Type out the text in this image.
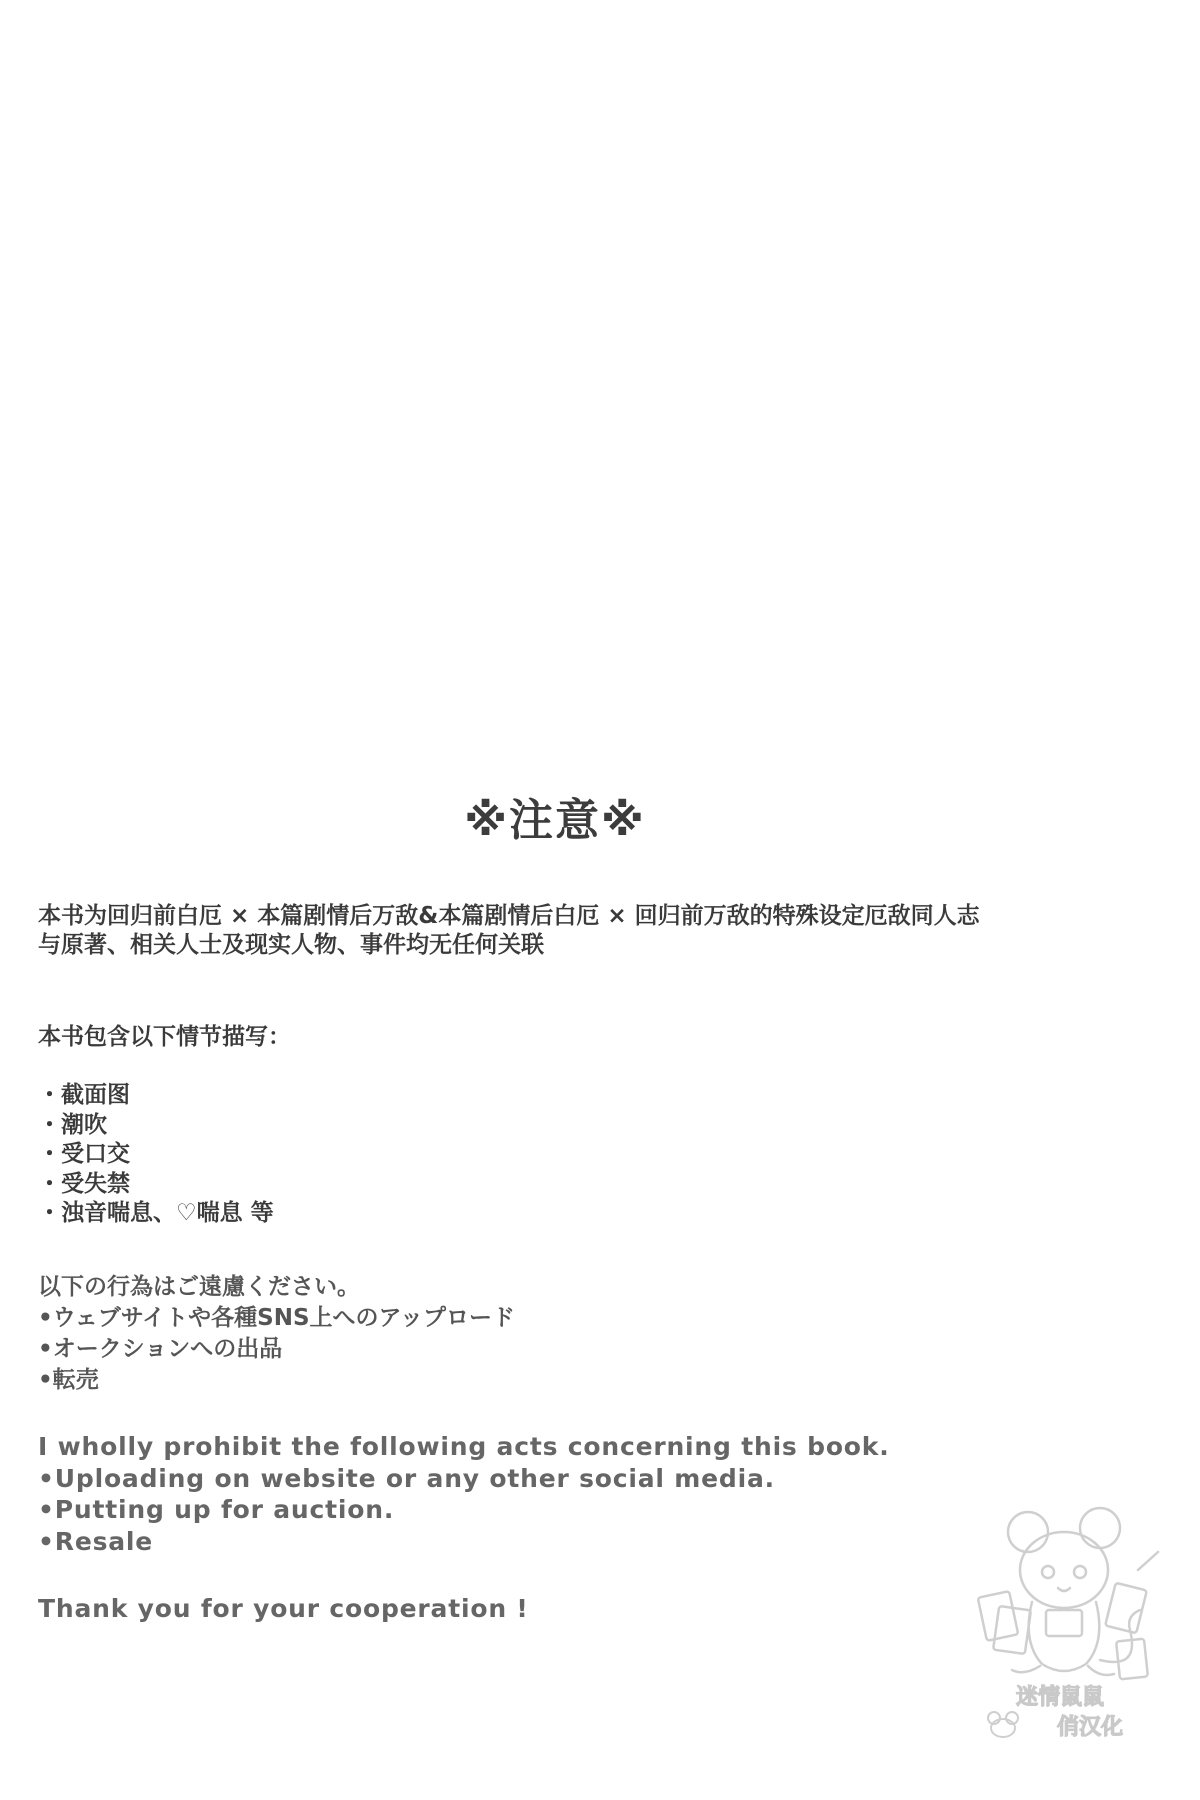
※注意※
本书为回归前白厄 × 本篇剧情后万敌&本篇剧情后白厄 × 回归前万敌的特殊设定厄敌同人志
与原著、相关人士及现实人物、事件均无任何关联
本书包含以下情节描写：
・截面图
・潮吹
・受口交
・受失禁
・浊音喘息、♡喘息 等
以下の行為はご遠慮ください。
•ウェブサイトや各種SNS上へのアップロード
•オークションへの出品
•転売
I wholly prohibit the following acts concerning this book.
•Uploading on website or any other social media.
•Putting up for auction.
•Resale
Thank you for your cooperation !
迷情鼠鼠
俏汉化
